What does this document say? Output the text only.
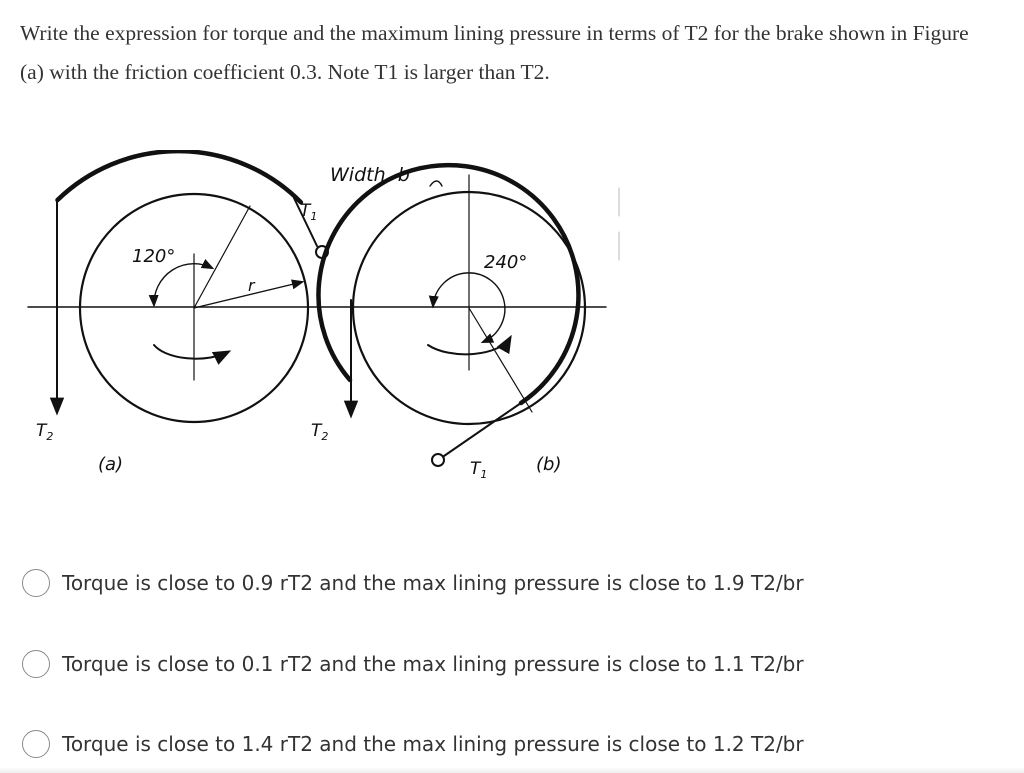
Write the expression for torque and the maximum lining pressure in terms of T2 for the brake shown in Figure (a) with the friction coefficient 0.3. Note T1 is larger than T2.

Width, b
120°	240°
r
$T_1$
$T_2$	$T_2$
$T_1$
(a)	(b)
Torque is close to 0.9 rT2 and the max lining pressure is close to 1.9 T2/br
Torque is close to 0.1 rT2 and the max lining pressure is close to 1.1 T2/br
Torque is close to 1.4 rT2 and the max lining pressure is close to 1.2 T2/br
